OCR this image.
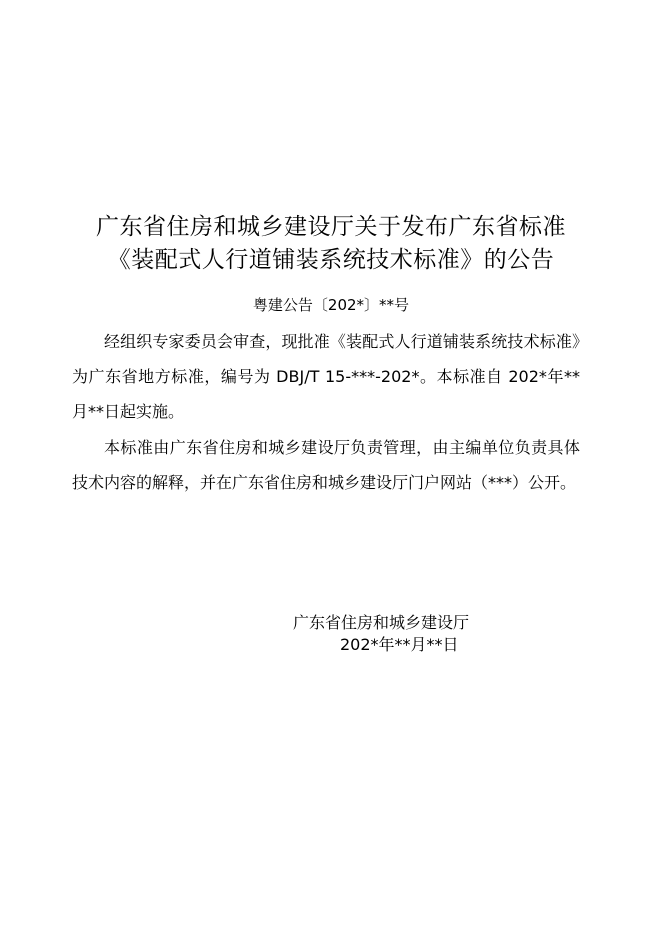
广东省住房和城乡建设厅关于发布广东省标准
《装配式人行道铺装系统技术标准》的公告
粤建公告〔202*〕**号

经组织专家委员会审查，现批准《装配式人行道铺装系统技术标准》为广东省地方标准，编号为 DBJ/T 15-***-202*。本标准自 202*年**月**日起实施。

本标准由广东省住房和城乡建设厅负责管理，由主编单位负责具体技术内容的解释，并在广东省住房和城乡建设厅门户网站（***）公开。

广东省住房和城乡建设厅
202*年**月**日
